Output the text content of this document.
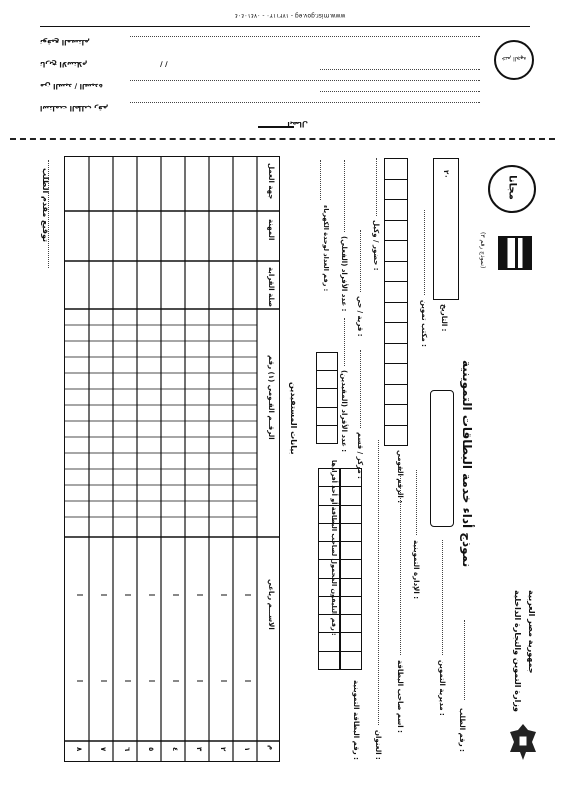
www.misr.gov.eg - ٠٧٤١٠٤٠٤ - ١٧٢١١٢٠
ختم الجهة
استلمت الطلب رقم
من السيد / السيدة
تاريخ الاستلام	/ /
توقيع المستلم
ايصال
مجانا
(نموذج رقم ٣)
التاريخ :
٢٠
نموذج أداء خدمة البطاقات التموينية
جمهورية مصر العربية
وزارة التموين والتجارة الداخلية
رقم الطلب :
مديرية التموين :
مكتب تموين :
الإدارة التموينية :
اسم صاحب البطاقة :
الرقم القومي :
حضور / وكيل :
العنوان :
مركز / قسم :
قرية / حي :
عدد الأفراد (المقيدين) :
عدد الأفراد (الفعلي) :
رقم البطاقة التموينية :
رقم التليفون المحمول لصاحب البطاقة أو أحد أفرادها :
رقم العداد لوحدة الكهرباء :
بيانات المستفيدين
م
الاســـم رباعي
الرقــم القـومي (١) رقم
صلة القرابة
المهنة
جهة العمل
١
٢
٣
٤
٥
٦
٧
٨
توقيع مقدم الطلب
